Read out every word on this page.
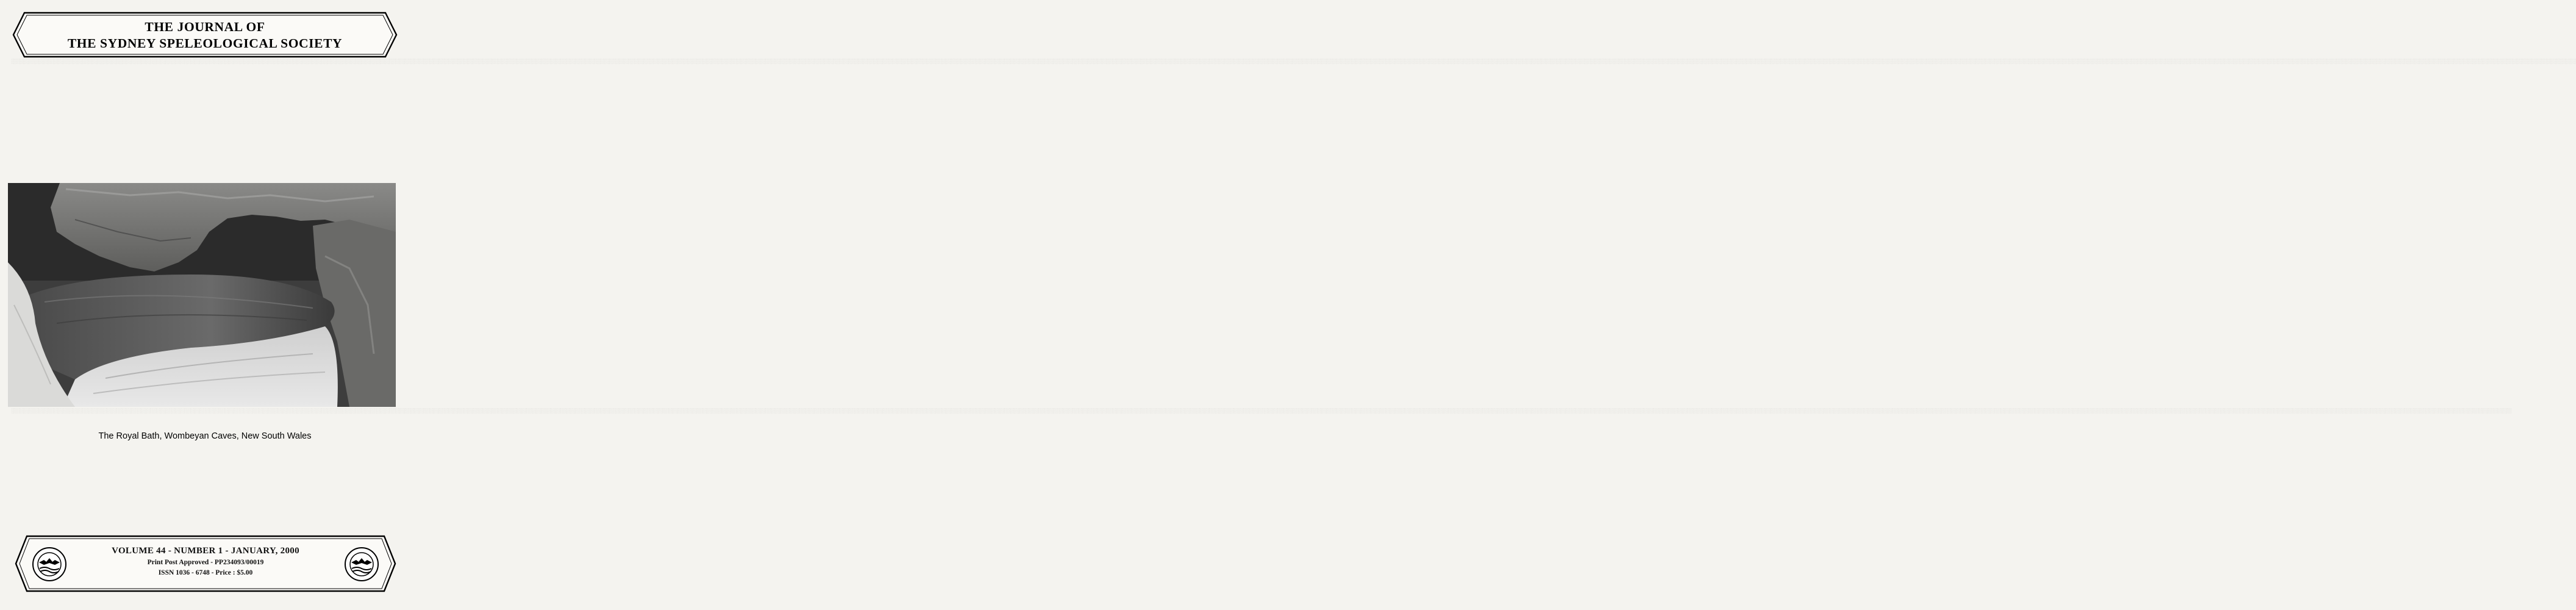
░░░░░░░░░░░░░░░░░░░░░░░░░░░░░░░░░░░░░░░░░░░░░░░░░░░░░░░░░░░░░░░░░░░░░░░░░░░░░░░░░░░░░░░░░░░░░░░░░░░░░░░░░░░░░░░░░░░░░░░░░░░░░░░░░░░░░░░░░░░░░░░░░░░░░░░░░░░░░░░░░░░░░░░░░░░░░░░░░░░░░░░░░░░░░░░░░░░░░░░░░░░░░░░░░░░░░░░░░░░░░░░░░░░░░░░░░░░░░░░░░░░░░░░░░░░░░░░░░░░░░░░░░░░░░░░░░░░░░░░░░░░░░░░░░░░░░░░░░░░░░░░░░░░░░░░░░░░░░░░░░░░░░░░░░░░░░░░░░░░░░░░░░░░░░░░░░░░░░░░░░░░░░░░░░░░░░░░░░░░░░░░░░░░░░░░░░░░░░░░░░░░░░░░░░░░░░░░░░░░░░░░░░░░░░░░░░░░░░░░░░░░░░░░░░░░░░░░░░░░░░░░░░░░░░░░░░░░░░░░░░░░░░░░░░░░░░░░░░░░░░░░░░░░░░░░░░░░░░░░░░░░░░░░░░░░░░░░░░░░░░░░░░░░░░░░░░░░░░░░░░░░░░░░░░░░░░░░░░░░░░░░░░░░░░░░░░░░░░░░░░░░░░░░░░░░░░░░░░░░░░░░░░░░░░░░░░░░░░░░░░░░░░░░░░░░░░░░░░░░░░░░░░░░░░░░░░░░░
░░░░░░░░░░░░░░░░░░░░░░░░░░░░░░░░░░░░░░░░░░░░░░░░░░░░░░░░░░░░░░░░░░░░░░░░░░░░░░░░░░░░░░░░░░░░░░░░░░░░░░░░░░░░░░░░░░░░░░░░░░░░░░░░░░░░░░░░░░░░░░░░░░░░░░░░░░░░░░░░░░░░░░░░░░░░░░░░░░░░░░░░░░░░░░░░░░░░░░░░░░░░░░░░░░░░░░░░░░░░░░░░░░░░░░░░░░░░░░░░░░░░░░░░░░░░░░░░░░░░░░░░░░░░░░░░░░░░░░░░░░░░░░░░░░░░░░░░░░░░░░░░░░░░░░░░░░░░░░░░░░░░░░░░░░░░░░░░░░░░░░░░░░░░░░░░░░░░░░░░░░░░░░░░░░░░░░░░░░░░░░░░░░░░░░░░░░░░░░░░░░░░░░░░░░░░░░░░░░░░░░░░░░░░░░░░░░░░░░░░░░░░░░░░░░░░░░░░░░░░░░░░░░░░░░░░░░░░░░░░░░░░░░░░░░░░░░░░░░░░░░░░░░░░░░░░░░░░░░░░░░░░░░░░░░░░░░░░░░░░░░░░░░░░░░░░░░░░░░░░░░░░░░░░░░░░░░░░░░░░░░░░░░░░░░░░░░░░░░░░░░░░░░░░░░░░░░░░░░░░░░░░░░░░░░░░░░░░░░░░░░░░░░░░░░░░░░░░░░░
THE JOURNAL OF
THE SYDNEY SPELEOLOGICAL SOCIETY
The Royal Bath, Wombeyan Caves, New South Wales
VOLUME 44 - NUMBER 1 - JANUARY, 2000
Print Post Approved - PP234093/00019
ISSN 1036 - 6748 - Price : $5.00
